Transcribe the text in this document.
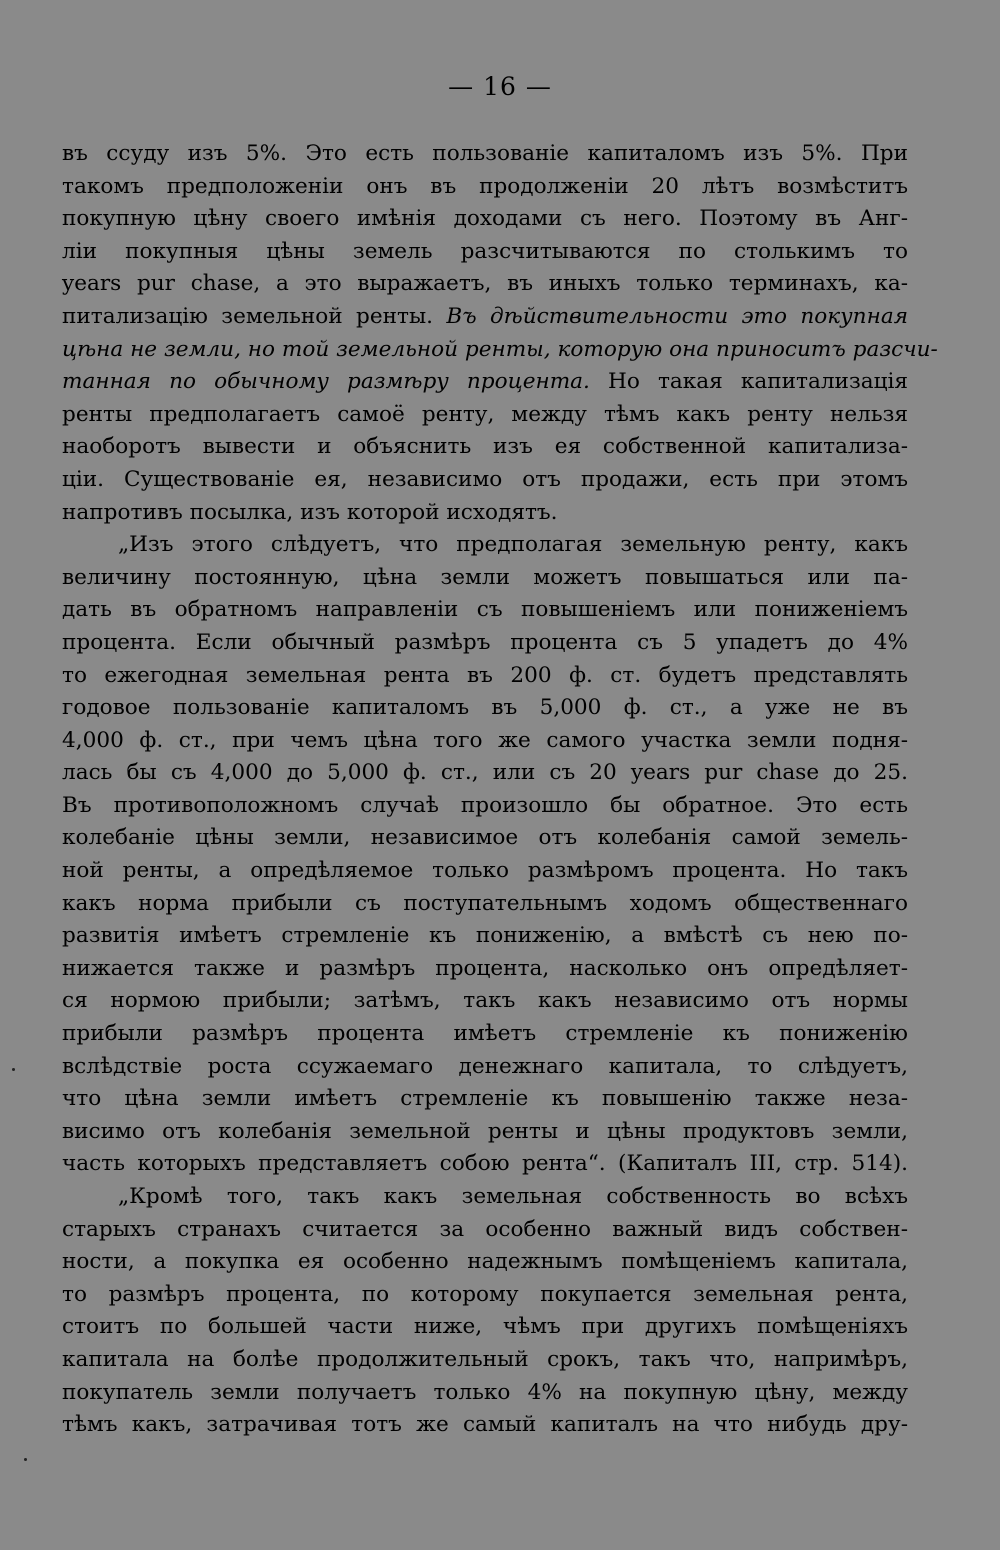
— 16 —
въ ссуду изъ 5%. Это есть пользованіе капиталомъ изъ 5%. При
такомъ предположеніи онъ въ продолженіи 20 лѣтъ возмѣститъ
покупную цѣну своего имѣнія доходами съ него. Поэтому въ Анг-
ліи покупныя цѣны земель разсчитываются по столькимъ то
years pur chase, а это выражаетъ, въ иныхъ только терминахъ, ка-
питализацію земельной ренты. Въ дѣйствительности это покупная
цѣна не земли, но той земельной ренты, которую она приноситъ разсчи-
танная по обычному размѣру процента. Но такая капитализація
ренты предполагаетъ самоё ренту, между тѣмъ какъ ренту нельзя
наоборотъ вывести и объяснить изъ ея собственной капитализа-
ціи. Существованіе ея, независимо отъ продажи, есть при этомъ
напротивъ посылка, изъ которой исходятъ.
„Изъ этого слѣдуетъ, что предполагая земельную ренту, какъ
величину постоянную, цѣна земли можетъ повышаться или па-
дать въ обратномъ направленіи съ повышеніемъ или пониженіемъ
процента. Если обычный размѣръ процента съ 5 упадетъ до 4%
то ежегодная земельная рента въ 200 ф. ст. будетъ представлять
годовое пользованіе капиталомъ въ 5,000 ф. ст., а уже не въ
4,000 ф. ст., при чемъ цѣна того же самого участка земли подня-
лась бы съ 4,000 до 5,000 ф. ст., или съ 20 years pur chase до 25.
Въ противоположномъ случаѣ произошло бы обратное. Это есть
колебаніе цѣны земли, независимое отъ колебанія самой земель-
ной ренты, а опредѣляемое только размѣромъ процента. Но такъ
какъ норма прибыли съ поступательнымъ ходомъ общественнаго
развитія имѣетъ стремленіе къ пониженію, а вмѣстѣ съ нею по-
нижается также и размѣръ процента, насколько онъ опредѣляет-
ся нормою прибыли; затѣмъ, такъ какъ независимо отъ нормы
прибыли размѣръ процента имѣетъ стремленіе къ пониженію
вслѣдствіе роста ссужаемаго денежнаго капитала, то слѣдуетъ,
что цѣна земли имѣетъ стремленіе къ повышенію также неза-
висимо отъ колебанія земельной ренты и цѣны продуктовъ земли,
часть которыхъ представляетъ собою рента“. (Капиталъ III, стр. 514).
„Кромѣ того, такъ какъ земельная собственность во всѣхъ
старыхъ странахъ считается за особенно важный видъ собствен-
ности, а покупка ея особенно надежнымъ помѣщеніемъ капитала,
то размѣръ процента, по которому покупается земельная рента,
стоитъ по большей части ниже, чѣмъ при другихъ помѣщеніяхъ
капитала на болѣе продолжительный срокъ, такъ что, напримѣръ,
покупатель земли получаетъ только 4% на покупную цѣну, между
тѣмъ какъ, затрачивая тотъ же самый капиталъ на что нибудь дру-
